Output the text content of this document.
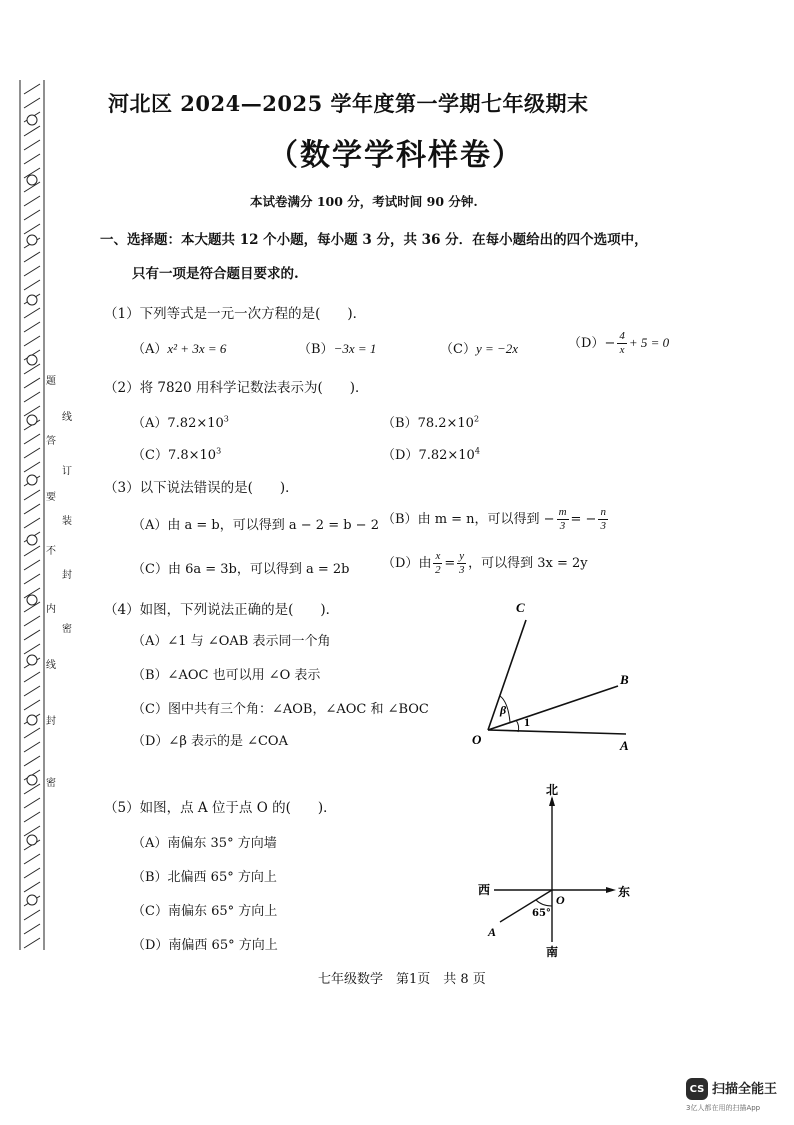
题
答
要
不
内
线
封
密
线
订
装
封
密
河北区 2024—2025 学年度第一学期七年级期末
（数学学科样卷）
本试卷满分 100 分，考试时间 90 分钟.
一、选择题：本大题共 12 个小题，每小题 3 分，共 36 分．在每小题给出的四个选项中，
只有一项是符合题目要求的.
（1）下列等式是一元一次方程的是(　　)．
（A）x² + 3x = 6	（B）−3x = 1	（C）y = −2x	$(D)- \frac{4}{x} + 5 = 0$
（2）将 7820 用科学记数法表示为(　　)．
$(A)7.82\times 10^3$	$(B)78.2\times 10^2$
$(C)7.8\times 10^3$	$(D)7.82\times 10^4$
（3）以下说法错误的是(　　)．
（A）由 a = b，可以得到 a − 2 = b − 2 （B）由 m = n，可以得到 − $\frac{m}{3}$ = − $\frac{n}{3}$
（C）由 6a = 3b，可以得到 a = 2b	（D）由 $\frac{x}{2} = \frac{y}{3}$ ，可以得到 3x = 2y
（4）如图，下列说法正确的是(　　)．
（A）∠1 与 ∠OAB 表示同一个角
（B）∠AOC 也可以用 ∠O 表示
（C）图中共有三个角：∠AOB，∠AOC 和 ∠BOC
（D）∠β 表示的是 ∠COA
C
B
O	A
β
1
（5）如图，点 A 位于点 O 的(　　)．
（A）南偏东 35° 方向墙
（B）北偏西 65° 方向上
（C）南偏东 65° 方向上
（D）南偏西 65° 方向上
北
南
西	东
O
A
65°
七年级数学　第1页　共 8 页
CS 扫描全能王
3亿人都在用的扫描App
